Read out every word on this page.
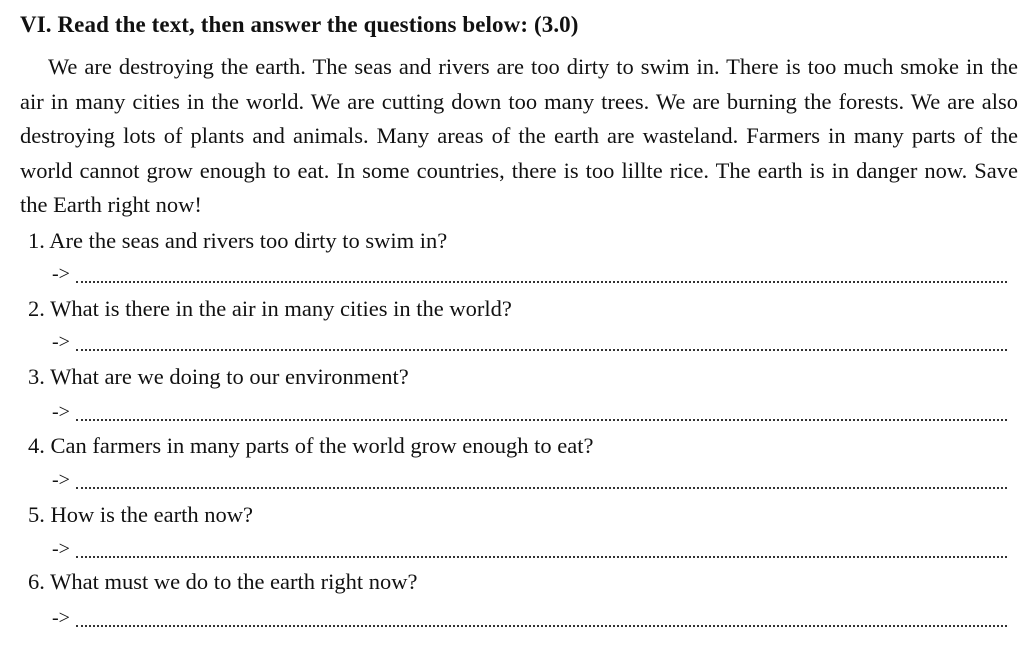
VI. Read the text, then answer the questions below: (3.0)
We are destroying the earth. The seas and rivers are too dirty to swim in. There is too much smoke in the air in many cities in the world. We are cutting down too many trees. We are burning the forests. We are also destroying lots of plants and animals. Many areas of the earth are wasteland. Farmers in many parts of the world cannot grow enough to eat. In some countries, there is too lillte rice. The earth is in danger now. Save the Earth right now!
1. Are the seas and rivers too dirty to swim in?
->
2. What is there in the air in many cities in the world?
->
3. What are we doing to our environment?
->
4. Can farmers in many parts of the world grow enough to eat?
->
5. How is the earth now?
->
6. What must we do to the earth right now?
->
